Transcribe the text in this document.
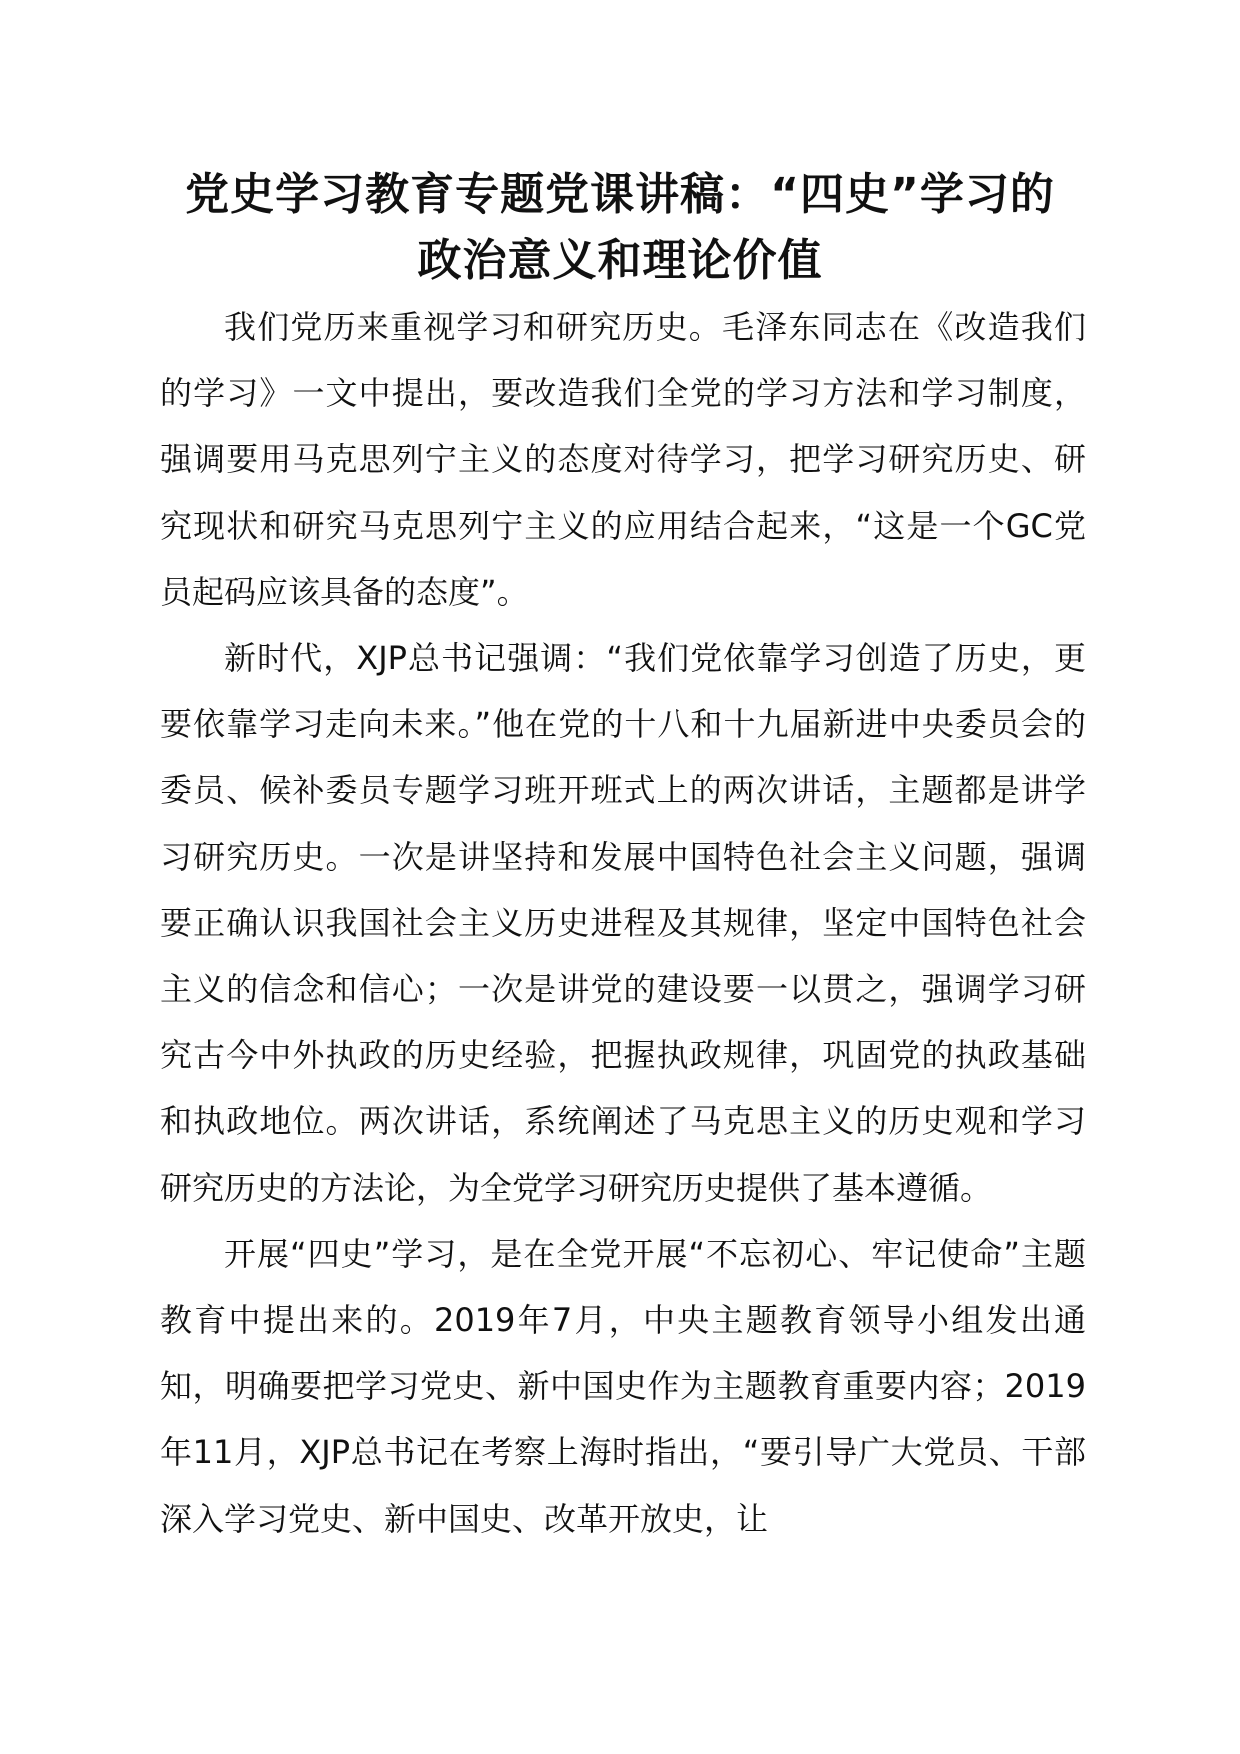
党史学习教育专题党课讲稿：“四史”学习的
政治意义和理论价值

我们党历来重视学习和研究历史。毛泽东同志在《改造我们的学习》一文中提出，要改造我们全党的学习方法和学习制度，强调要用马克思列宁主义的态度对待学习，把学习研究历史、研究现状和研究马克思列宁主义的应用结合起来，“这是一个GC党员起码应该具备的态度”。

新时代，XJP总书记强调：“我们党依靠学习创造了历史，更要依靠学习走向未来。”他在党的十八和十九届新进中央委员会的委员、候补委员专题学习班开班式上的两次讲话，主题都是讲学习研究历史。一次是讲坚持和发展中国特色社会主义问题，强调要正确认识我国社会主义历史进程及其规律，坚定中国特色社会主义的信念和信心；一次是讲党的建设要一以贯之，强调学习研究古今中外执政的历史经验，把握执政规律，巩固党的执政基础和执政地位。两次讲话，系统阐述了马克思主义的历史观和学习研究历史的方法论，为全党学习研究历史提供了基本遵循。

开展“四史”学习，是在全党开展“不忘初心、牢记使命”主题教育中提出来的。2019年7月，中央主题教育领导小组发出通知，明确要把学习党史、新中国史作为主题教育重要内容；2019年11月，XJP总书记在考察上海时指出，“要引导广大党员、干部深入学习党史、新中国史、改革开放史，让
